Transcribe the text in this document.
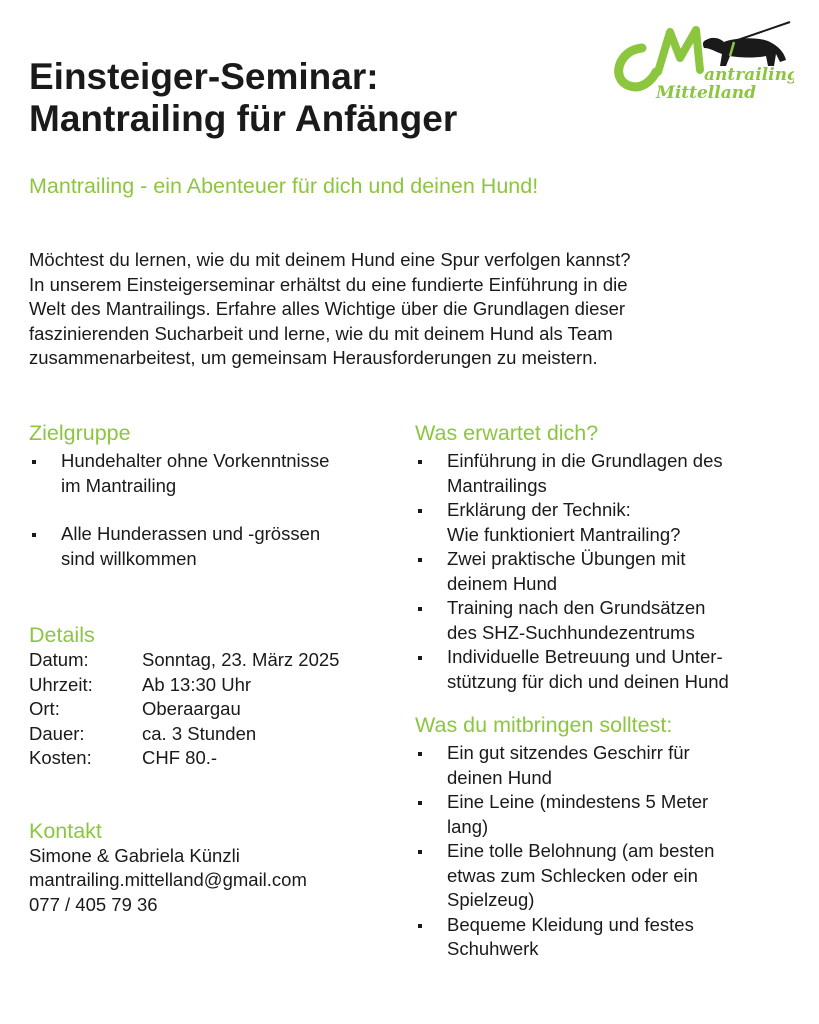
antrailing
Mittelland
Einsteiger-Seminar:
Mantrailing für Anfänger
Mantrailing - ein Abenteuer für dich und deinen Hund!

Möchtest du lernen, wie du mit deinem Hund eine Spur verfolgen kannst?
In unserem Einsteigerseminar erhältst du eine fundierte Einführung in die
Welt des Mantrailings. Erfahre alles Wichtige über die Grundlagen dieser
faszinierenden Sucharbeit und lerne, wie du mit deinem Hund als Team
zusammenarbeitest, um gemeinsam Herausforderungen zu meistern.

Zielgruppe
Hundehalter ohne Vorkenntnisse
im Mantrailing
Alle Hunderassen und -grössen
sind willkommen
Details
Datum:	Sonntag, 23. März 2025
Uhrzeit:	Ab 13:30 Uhr
Ort:	Oberaargau
Dauer:	ca. 3 Stunden
Kosten:	CHF 80.-
Kontakt
Simone & Gabriela Künzli
mantrailing.mittelland@gmail.com
077 / 405 79 36
Was erwartet dich?
Einführung in die Grundlagen des
Mantrailings
Erklärung der Technik:
Wie funktioniert Mantrailing?
Zwei praktische Übungen mit
deinem Hund
Training nach den Grundsätzen
des SHZ-Suchhundezentrums
Individuelle Betreuung und Unter-
stützung für dich und deinen Hund
Was du mitbringen solltest:
Ein gut sitzendes Geschirr für
deinen Hund
Eine Leine (mindestens 5 Meter
lang)
Eine tolle Belohnung (am besten
etwas zum Schlecken oder ein
Spielzeug)
Bequeme Kleidung und festes
Schuhwerk
